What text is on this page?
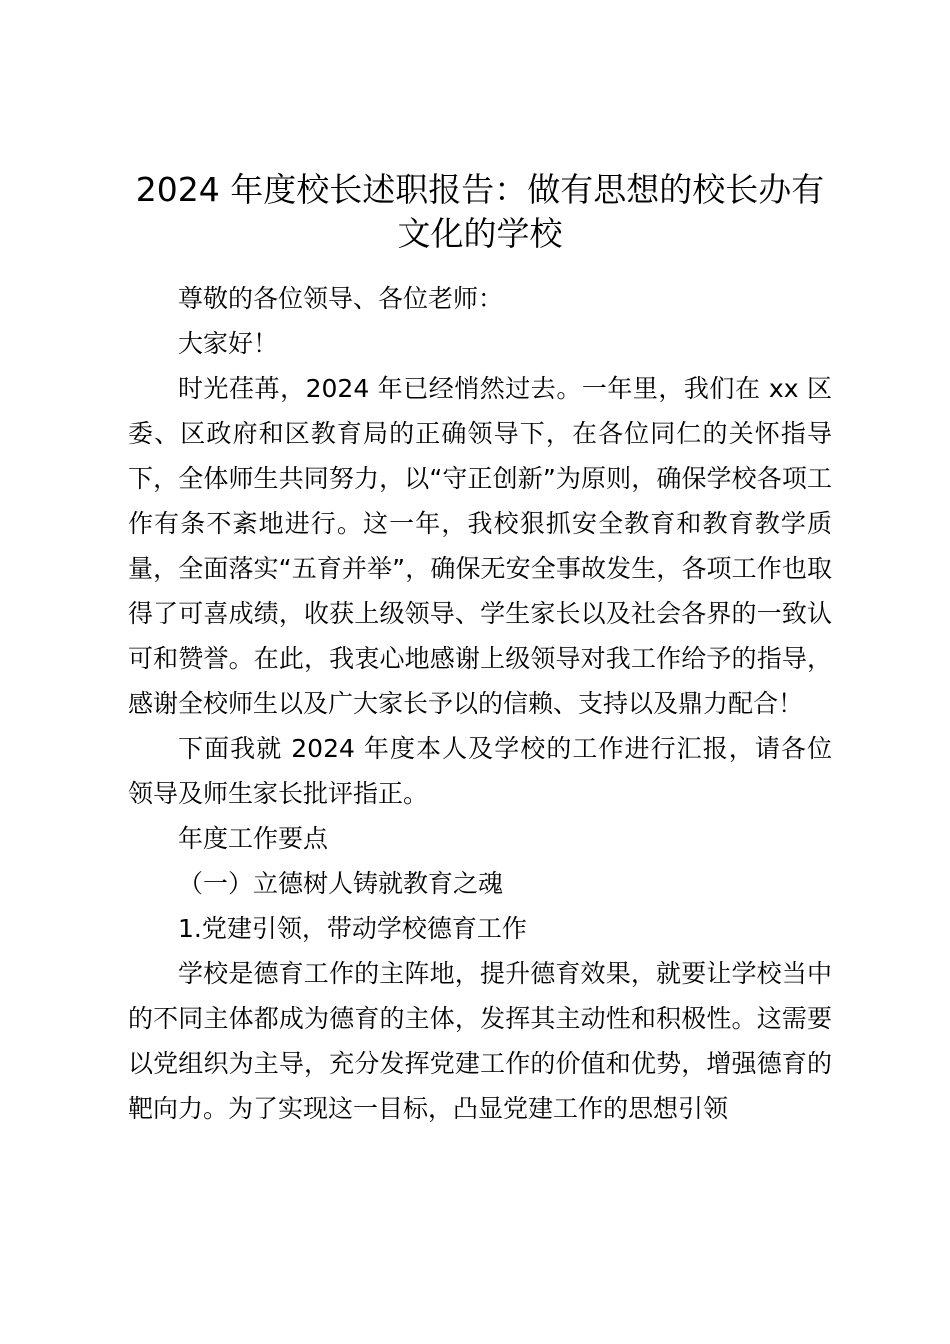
2024 年度校长述职报告：做有思想的校长办有文化的学校

尊敬的各位领导、各位老师：

大家好！

时光荏苒，2024 年已经悄然过去。一年里，我们在 xx 区委、区政府和区教育局的正确领导下，在各位同仁的关怀指导下，全体师生共同努力，以“守正创新”为原则，确保学校各项工作有条不紊地进行。这一年，我校狠抓安全教育和教育教学质量，全面落实“五育并举”，确保无安全事故发生，各项工作也取得了可喜成绩，收获上级领导、学生家长以及社会各界的一致认可和赞誉。在此，我衷心地感谢上级领导对我工作给予的指导，感谢全校师生以及广大家长予以的信赖、支持以及鼎力配合！

下面我就 2024 年度本人及学校的工作进行汇报，请各位领导及师生家长批评指正。

年度工作要点

（一）立德树人铸就教育之魂

1.党建引领，带动学校德育工作

学校是德育工作的主阵地，提升德育效果，就要让学校当中的不同主体都成为德育的主体，发挥其主动性和积极性。这需要以党组织为主导，充分发挥党建工作的价值和优势，增强德育的靶向力。为了实现这一目标，凸显党建工作的思想引领
